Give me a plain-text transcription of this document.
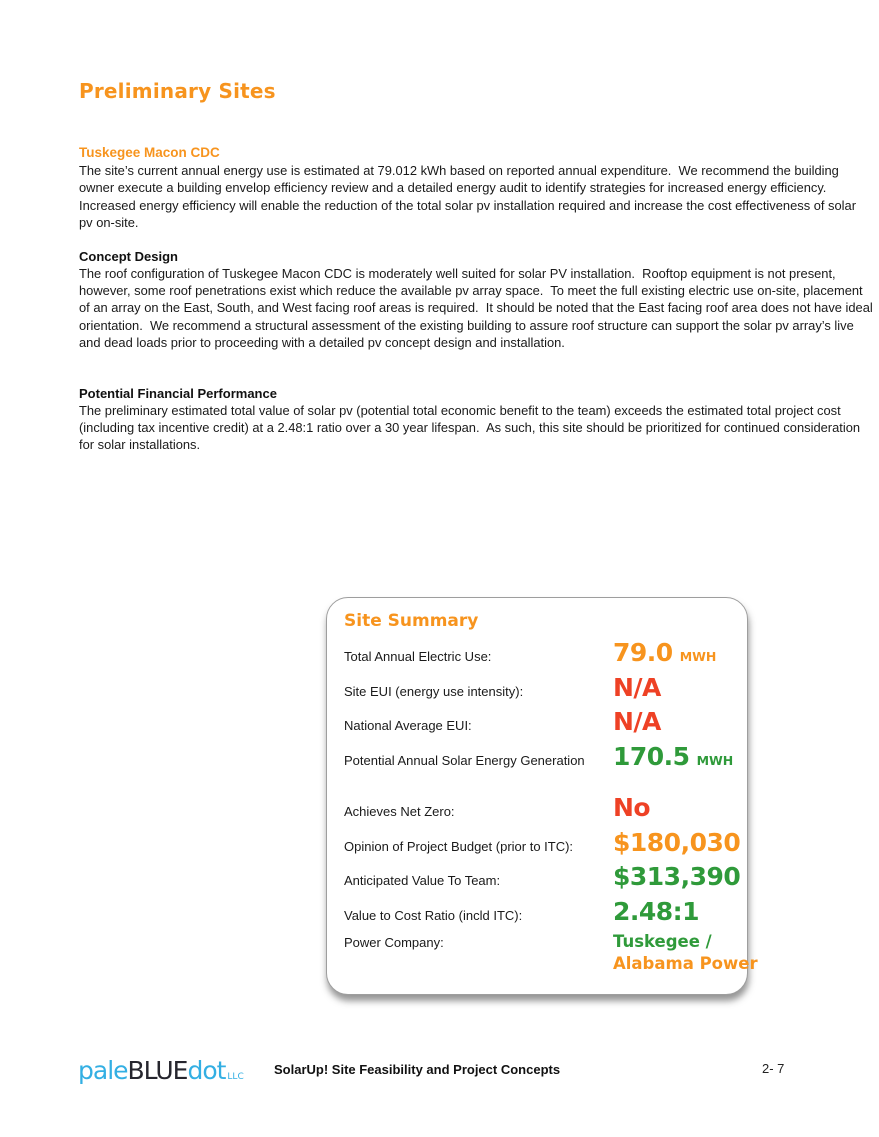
Preliminary Sites
Tuskegee Macon CDC

The site’s current annual energy use is estimated at 79.012 kWh based on reported annual expenditure.  We recommend the building owner execute a building envelop efficiency review and a detailed energy audit to identify strategies for increased energy efficiency.  Increased energy efficiency will enable the reduction of the total solar pv installation required and increase the cost effectiveness of solar pv on-site.

Concept Design

The roof configuration of Tuskegee Macon CDC is moderately well suited for solar PV installation.  Rooftop equipment is not present, however, some roof penetrations exist which reduce the available pv array space.  To meet the full existing electric use on-site, placement of an array on the East, South, and West facing roof areas is required.  It should be noted that the East facing roof area does not have ideal orientation.  We recommend a structural assessment of the existing building to assure roof structure can support the solar pv array’s live and dead loads prior to proceeding with a detailed pv concept design and installation.

Potential Financial Performance

The preliminary estimated total value of solar pv (potential total economic benefit to the team) exceeds the estimated total project cost (including tax incentive credit) at a 2.48:1 ratio over a 30 year lifespan.  As such, this site should be prioritized for continued consideration for solar installations.

Site Summary
Total Annual Electric Use:	79.0 MWH
Site EUI (energy use intensity):	N/A
National Average EUI:	N/A
Potential Annual Solar Energy Generation	170.5 MWH
Achieves Net Zero:	No
Opinion of Project Budget (prior to ITC):	$180,030
Anticipated Value To Team:	$313,390
Value to Cost Ratio (incld ITC):	2.48:1
Power Company:	Tuskegee /
Alabama Power
paleBLUEdot LLC SolarUp! Site Feasibility and Project Concepts	2- 7
